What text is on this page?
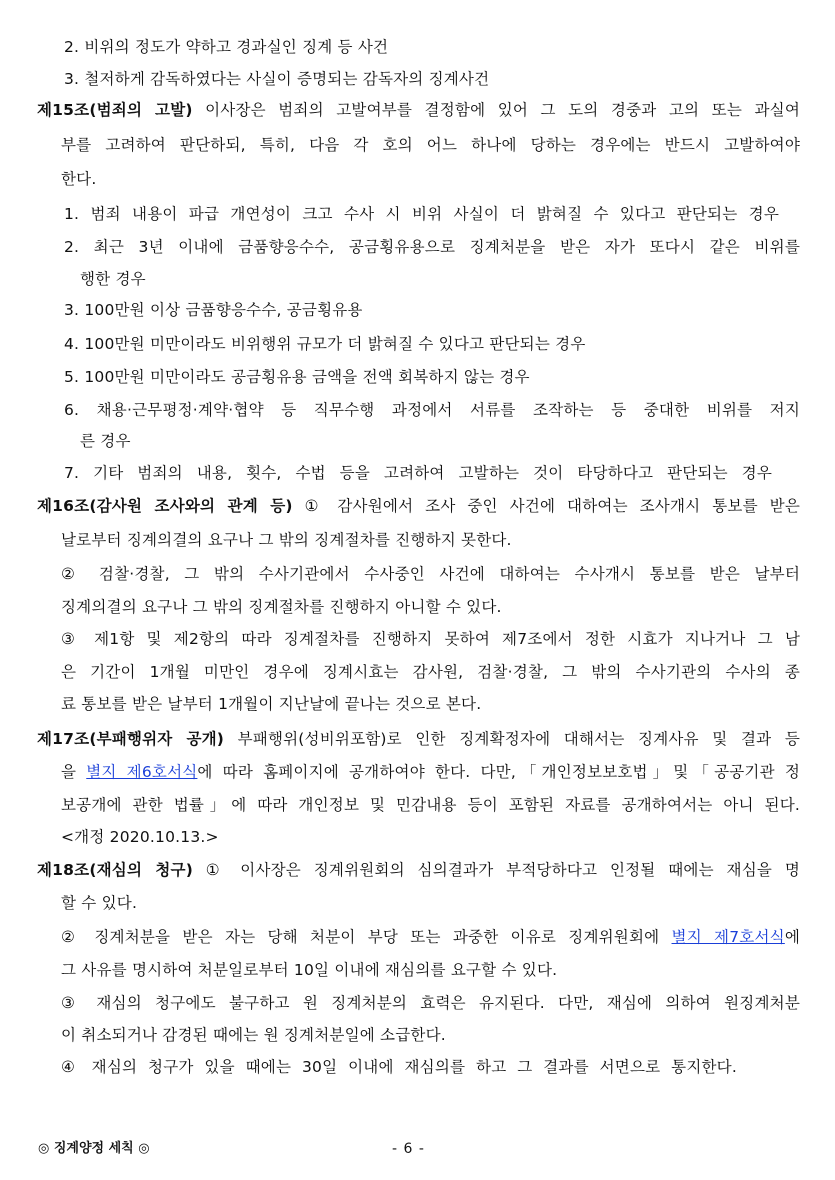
2. 비위의 정도가 약하고 경과실인 징계 등 사건
3. 철저하게 감독하였다는 사실이 증명되는 감독자의 징계사건
제15조(범죄의 고발) 이사장은 범죄의 고발여부를 결정함에 있어 그 도의 경중과 고의 또는 과실여
부를 고려하여 판단하되, 특히, 다음 각 호의 어느 하나에 당하는 경우에는 반드시 고발하여야
한다.
1. 범죄 내용이 파급 개연성이 크고 수사 시 비위 사실이 더 밝혀질 수 있다고 판단되는 경우
2. 최근 3년 이내에 금품향응수수, 공금횡유용으로 징계처분을 받은 자가 또다시 같은 비위를
행한 경우
3. 100만원 이상 금품향응수수, 공금횡유용
4. 100만원 미만이라도 비위행위 규모가 더 밝혀질 수 있다고 판단되는 경우
5. 100만원 미만이라도 공금횡유용 금액을 전액 회복하지 않는 경우
6. 채용·근무평정·계약·협약 등 직무수행 과정에서 서류를 조작하는 등 중대한 비위를 저지
른 경우
7. 기타 범죄의 내용, 횟수, 수법 등을 고려하여 고발하는 것이 타당하다고 판단되는 경우
제16조(감사원 조사와의 관계 등) ① 감사원에서 조사 중인 사건에 대하여는 조사개시 통보를 받은
날로부터 징계의결의 요구나 그 밖의 징계절차를 진행하지 못한다.
② 검찰·경찰, 그 밖의 수사기관에서 수사중인 사건에 대하여는 수사개시 통보를 받은 날부터
징계의결의 요구나 그 밖의 징계절차를 진행하지 아니할 수 있다.
③ 제1항 및 제2항의 따라 징계절차를 진행하지 못하여 제7조에서 정한 시효가 지나거나 그 남
은 기간이 1개월 미만인 경우에 징계시효는 감사원, 검찰·경찰, 그 밖의 수사기관의 수사의 종
료 통보를 받은 날부터 1개월이 지난날에 끝나는 것으로 본다.
제17조(부패행위자 공개) 부패행위(성비위포함)로 인한 징계확정자에 대해서는 징계사유 및 결과 등
을 별지 제6호서식에 따라 홈페이지에 공개하여야 한다. 다만,「개인정보보호법」및「공공기관 정
보공개에 관한 법률」에 따라 개인정보 및 민감내용 등이 포함된 자료를 공개하여서는 아니 된다.
<개정 2020.10.13.>
제18조(재심의 청구) ① 이사장은 징계위원회의 심의결과가 부적당하다고 인정될 때에는 재심을 명
할 수 있다.
② 징계처분을 받은 자는 당해 처분이 부당 또는 과중한 이유로 징계위원회에 별지 제7호서식에
그 사유를 명시하여 처분일로부터 10일 이내에 재심의를 요구할 수 있다.
③ 재심의 청구에도 불구하고 원 징계처분의 효력은 유지된다. 다만, 재심에 의하여 원징계처분
이 취소되거나 감경된 때에는 원 징계처분일에 소급한다.
④ 재심의 청구가 있을 때에는 30일 이내에 재심의를 하고 그 결과를 서면으로 통지한다.
◎ 징계양정 세칙 ◎	- 6 -
